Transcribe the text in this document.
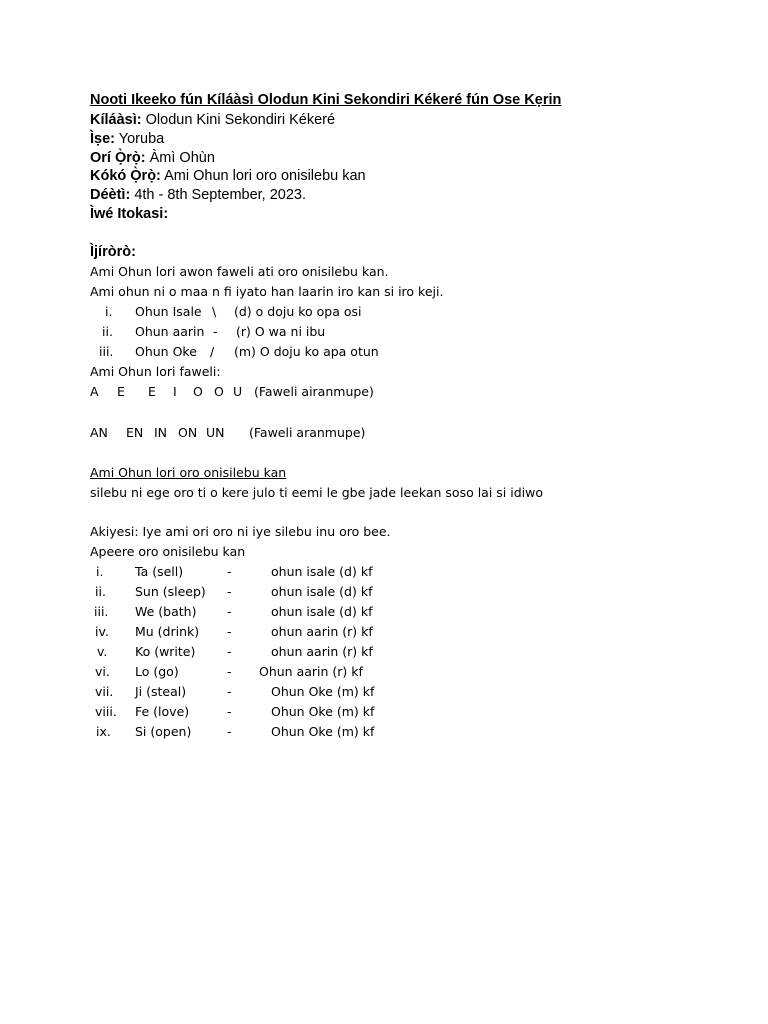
Nooti Ikeeko fún Kíláàsì Olodun Kini Sekondiri Kékeré fún Ose Kẹrin
Kíláàsì: Olodun Kini Sekondiri Kékeré
Ìṣe: Yoruba
Orí Ọ̀rọ̀: Àmì Ohùn
Kókó Ọ̀rọ̀: Ami Ohun lori oro onisilebu kan
Déètì: 4th - 8th September, 2023.
Ìwé Itokasi:
Ìjíròrò:
Ami Ohun lori awon faweli ati oro onisilebu kan.
Ami ohun ni o maa n fi iyato han laarin iro kan si iro keji.
i. Ohun Isale \ (d) o doju ko opa osi
ii. Ohun aarin - (r) O wa ni ibu
iii. Ohun Oke / (m) O doju ko apa otun
Ami Ohun lori faweli:
A E E I O O U (Faweli airanmupe)
AN EN IN ON UN (Faweli aranmupe)
Ami Ohun lori oro onisilebu kan
silebu ni ege oro ti o kere julo ti eemi le gbe jade leekan soso lai si idiwo
Akiyesi: Iye ami ori oro ni iye silebu inu oro bee.
Apeere oro onisilebu kan
i.	Ta (sell)	-	ohun isale (d) kf
ii. Sun (sleep) -	ohun isale (d) kf
iii. We (bath) -	ohun isale (d) kf
iv. Mu (drink) -	ohun aarin (r) kf
v. Ko (write)	-	ohun aarin (r) kf
vi. Lo (go)	- Ohun aarin (r) kf
vii. Ji (steal)	-	Ohun Oke (m) kf
viii. Fe (love)	-	Ohun Oke (m) kf
ix. Si (open)	-	Ohun Oke (m) kf
